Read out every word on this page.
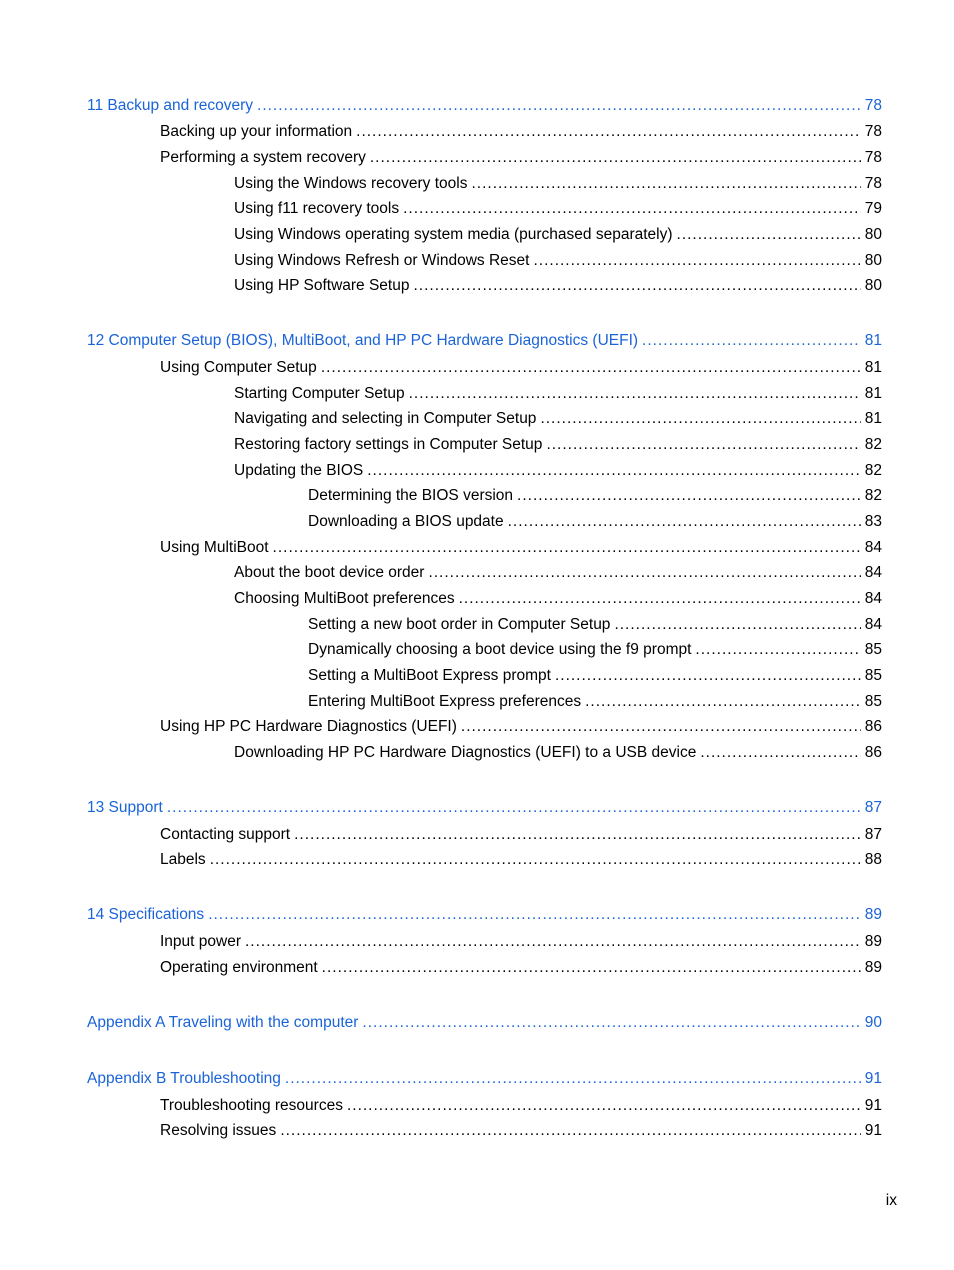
11 Backup and recovery .....	78
Backing up your information .....	78
Performing a system recovery .....	78
Using the Windows recovery tools .....	78
Using f11 recovery tools .....	79
Using Windows operating system media (purchased separately) .....	80
Using Windows Refresh or Windows Reset .....	80
Using HP Software Setup .....	80
12 Computer Setup (BIOS), MultiBoot, and HP PC Hardware Diagnostics (UEFI) .....	81
Using Computer Setup .....	81
Starting Computer Setup .....	81
Navigating and selecting in Computer Setup .....	81
Restoring factory settings in Computer Setup .....	82
Updating the BIOS .....	82
Determining the BIOS version .....	82
Downloading a BIOS update .....	83
Using MultiBoot .....	84
About the boot device order .....	84
Choosing MultiBoot preferences .....	84
Setting a new boot order in Computer Setup .....	84
Dynamically choosing a boot device using the f9 prompt .....	85
Setting a MultiBoot Express prompt .....	85
Entering MultiBoot Express preferences .....	85
Using HP PC Hardware Diagnostics (UEFI) .....	86
Downloading HP PC Hardware Diagnostics (UEFI) to a USB device .....	86
13 Support .....	87
Contacting support .....	87
Labels .....	88
14 Specifications .....	89
Input power .....	89
Operating environment .....	89
Appendix A Traveling with the computer .....	90
Appendix B Troubleshooting .....	91
Troubleshooting resources .....	91
Resolving issues .....	91
ix
